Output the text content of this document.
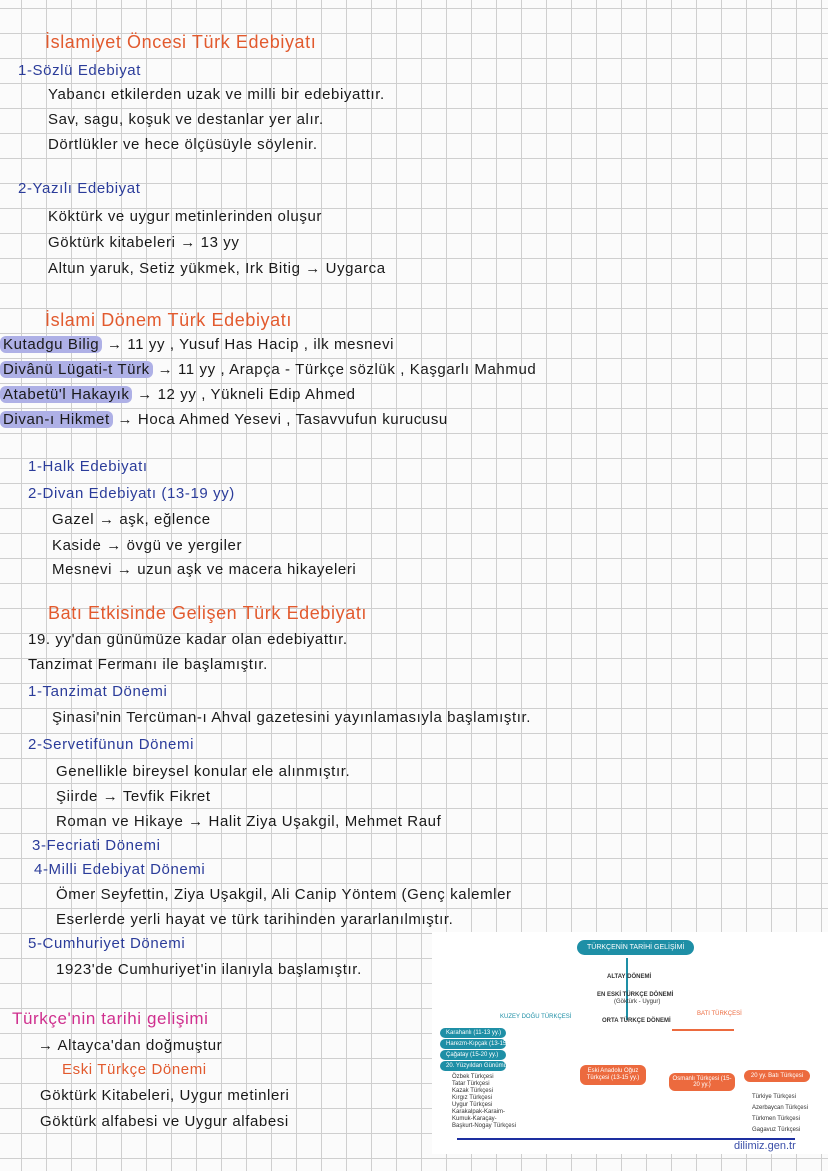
İslamiyet Öncesi Türk Edebiyatı
1-Sözlü Edebiyat
Yabancı etkilerden uzak ve milli bir edebiyattır.
Sav, sagu, koşuk ve destanlar yer alır.
Dörtlükler ve hece ölçüsüyle söylenir.
2-Yazılı Edebiyat
Köktürk ve uygur metinlerinden oluşur
Göktürk kitabeleri → 13 yy
Altun yaruk, Setiz yükmek, Irk Bitig → Uygarca
İslami Dönem Türk Edebiyatı
Kutadgu Bilig → 11 yy , Yusuf Has Hacip , ilk mesnevi
Divânü Lügati-t Türk → 11 yy , Arapça - Türkçe sözlük , Kaşgarlı Mahmud
Atabetü'l Hakayık → 12 yy , Yükneli Edip Ahmed
Divan-ı Hikmet → Hoca Ahmed Yesevi , Tasavvufun kurucusu
1-Halk Edebiyatı
2-Divan Edebiyatı (13-19 yy)
Gazel → aşk, eğlence
Kaside → övgü ve yergiler
Mesnevi → uzun aşk ve macera hikayeleri
Batı Etkisinde Gelişen Türk Edebiyatı
19. yy'dan günümüze kadar olan edebiyattır.
Tanzimat Fermanı ile başlamıştır.
1-Tanzimat Dönemi
Şinasi'nin Tercüman-ı Ahval gazetesini yayınlamasıyla başlamıştır.
2-Servetifünun Dönemi
Genellikle bireysel konular ele alınmıştır.
Şiirde → Tevfik Fikret
Roman ve Hikaye → Halit Ziya Uşakgil, Mehmet Rauf
3-Fecriati Dönemi
4-Milli Edebiyat Dönemi
Ömer Seyfettin, Ziya Uşakgil, Ali Canip Yöntem (Genç kalemler
Eserlerde yerli hayat ve türk tarihinden yararlanılmıştır.
5-Cumhuriyet Dönemi
1923'de Cumhuriyet'in ilanıyla başlamıştır.
Türkçe'nin tarihi gelişimi
→ Altayca'dan doğmuştur
Eski Türkçe Dönemi
Göktürk Kitabeleri, Uygur metinleri
Göktürk alfabesi ve Uygur alfabesi
TÜRKÇENİN TARİHİ GELİŞİMİ
ALTAY DÖNEMİ
EN ESKİ TÜRKÇE DÖNEMİ
(Göktürk - Uygur)
ORTA TÜRKÇE DÖNEMİ
KUZEY DOĞU TÜRKÇESİ	BATI TÜRKÇESİ
Karahanlı (11-13 yy.)
Harezm-Kıpçak (13-15 yy.)
Çağatay (15-20 yy.)
20. Yüzyıldan Günümüze
Özbek Türkçesi
Tatar Türkçesi
Kazak Türkçesi
Kırgız Türkçesi
Uygur Türkçesi
Karakalpak-Karaim-
Kumuk-Karaçay-
Başkurt-Nogay Türkçesi
Eski Anadolu Oğuz Türkçesi (13-15 yy.)	Osmanlı Türkçesi (15-20 yy.)
20 yy. Batı Türkçesi
Türkiye Türkçesi
Azerbaycan Türkçesi
Türkmen Türkçesi
Gagavuz Türkçesi
dilimiz.gen.tr
